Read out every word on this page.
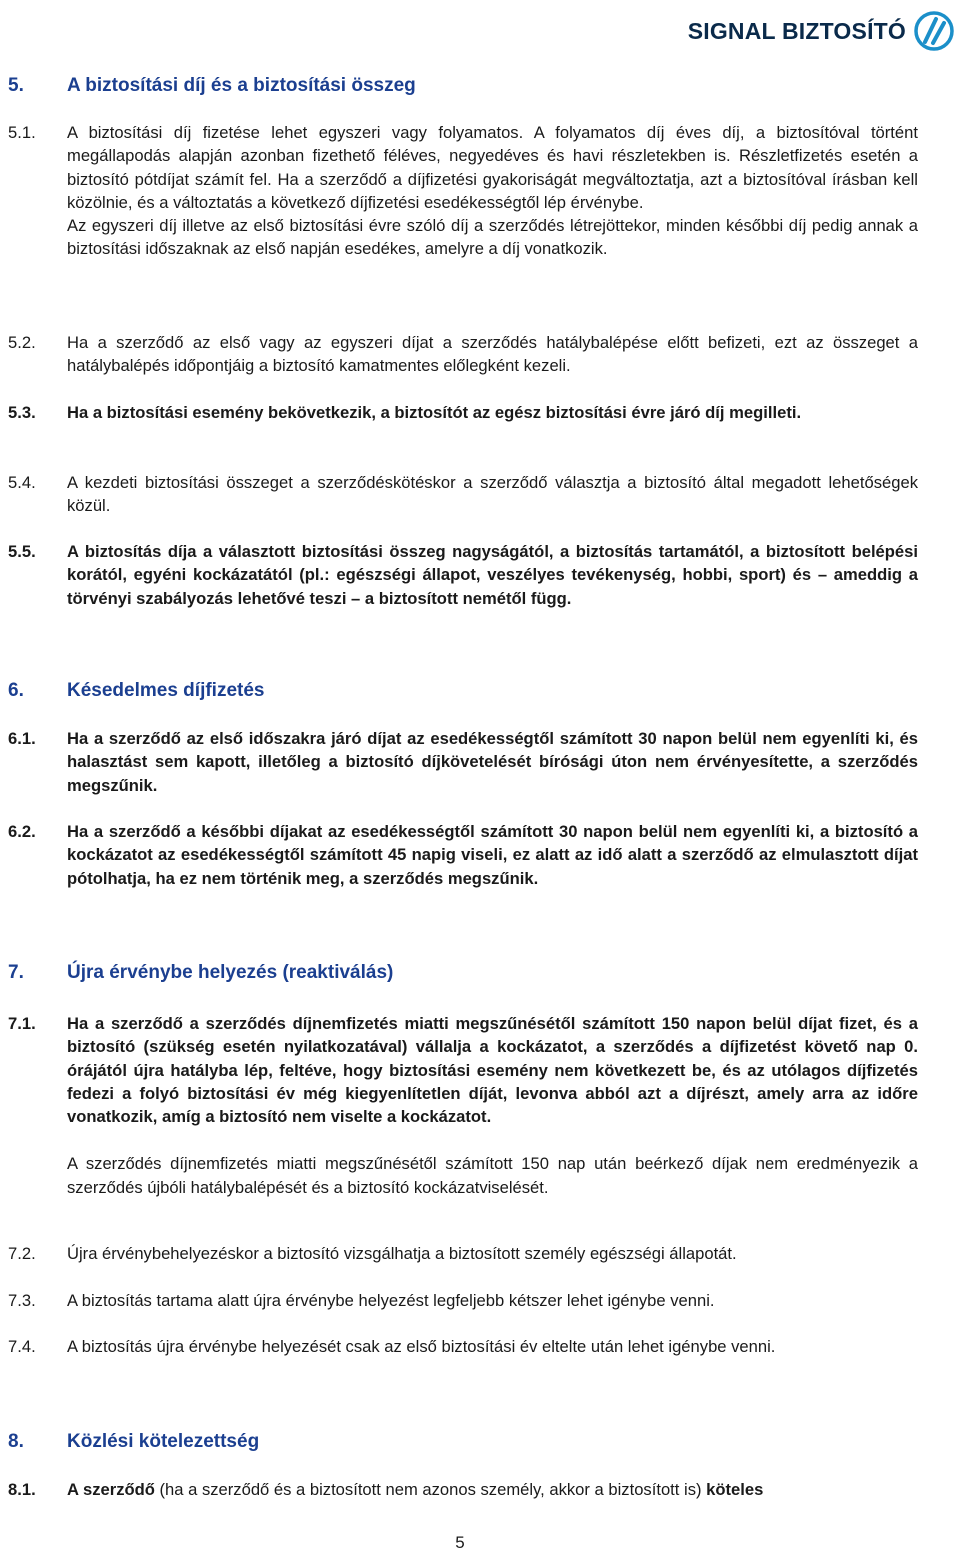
SIGNAL BIZTOSÍTÓ
5.	A biztosítási díj és a biztosítási összeg
5.1.	A biztosítási díj fizetése lehet egyszeri vagy folyamatos. A folyamatos díj éves díj, a biztosítóval történt megállapodás alapján azonban fizethető féléves, negyedéves és havi részletekben is. Részletfizetés esetén a biztosító pótdíjat számít fel. Ha a szerződő a díjfizetési gyakoriságát megváltoztatja, azt a biztosítóval írásban kell közölnie, és a változtatás a következő díjfizetési esedékességtől lép érvénybe.
Az egyszeri díj illetve az első biztosítási évre szóló díj a szerződés létrejöttekor, minden későbbi díj pedig annak a biztosítási időszaknak az első napján esedékes, amelyre a díj vonatkozik.
5.2.	Ha a szerződő az első vagy az egyszeri díjat a szerződés hatálybalépése előtt befizeti, ezt az összeget a hatálybalépés időpontjáig a biztosító kamatmentes előlegként kezeli.
5.3.	Ha a biztosítási esemény bekövetkezik, a biztosítót az egész biztosítási évre járó díj megilleti.
5.4.	A kezdeti biztosítási összeget a szerződéskötéskor a szerződő választja a biztosító által megadott lehetőségek közül.
5.5.	A biztosítás díja a választott biztosítási összeg nagyságától, a biztosítás tartamától, a biztosított belépési korától, egyéni kockázatától (pl.: egészségi állapot, veszélyes tevékenység, hobbi, sport) és – ameddig a törvényi szabályozás lehetővé teszi – a biztosított nemétől függ.
6.	Késedelmes díjfizetés
6.1.	Ha a szerződő az első időszakra járó díjat az esedékességtől számított 30 napon belül nem egyenlíti ki, és halasztást sem kapott, illetőleg a biztosító díjkövetelését bírósági úton nem érvényesítette, a szerződés megszűnik.
6.2.	Ha a szerződő a későbbi díjakat az esedékességtől számított 30 napon belül nem egyenlíti ki, a biztosító a kockázatot az esedékességtől számított 45 napig viseli, ez alatt az idő alatt a szerződő az elmulasztott díjat pótolhatja, ha ez nem történik meg, a szerződés megszűnik.
7.	Újra érvénybe helyezés (reaktiválás)
7.1.	Ha a szerződő a szerződés díjnemfizetés miatti megszűnésétől számított 150 napon belül díjat fizet, és a biztosító (szükség esetén nyilatkozatával) vállalja a kockázatot, a szerződés a díjfizetést követő nap 0. órájától újra hatályba lép, feltéve, hogy biztosítási esemény nem következett be, és az utólagos díjfizetés fedezi a folyó biztosítási év még kiegyenlítetlen díját, levonva abból azt a díjrészt, amely arra az időre vonatkozik, amíg a biztosító nem viselte a kockázatot.
A szerződés díjnemfizetés miatti megszűnésétől számított 150 nap után beérkező díjak nem eredményezik a szerződés újbóli hatálybalépését és a biztosító kockázatviselését.
7.2.	Újra érvénybehelyezéskor a biztosító vizsgálhatja a biztosított személy egészségi állapotát.
7.3.	A biztosítás tartama alatt újra érvénybe helyezést legfeljebb kétszer lehet igénybe venni.
7.4.	A biztosítás újra érvénybe helyezését csak az első biztosítási év eltelte után lehet igénybe venni.
8.	Közlési kötelezettség
8.1.	A szerződő (ha a szerződő és a biztosított nem azonos személy, akkor a biztosított is) köteles
5
